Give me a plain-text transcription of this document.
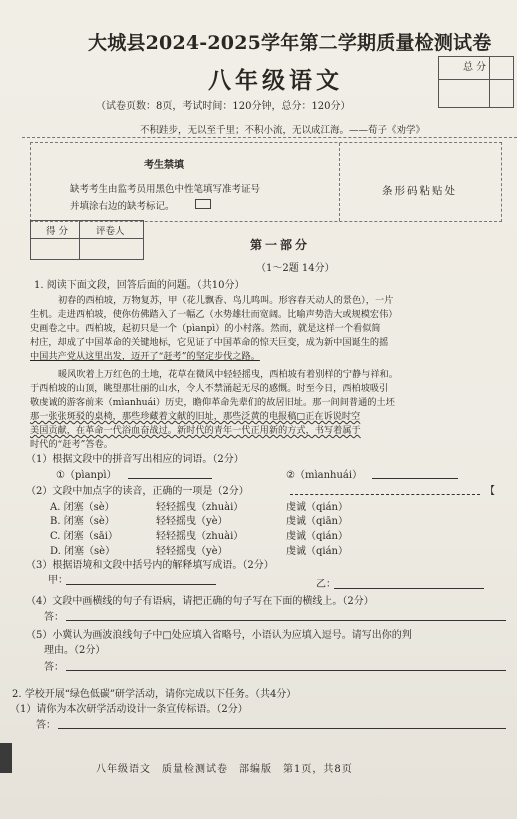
大城县2024-2025学年第二学期质量检测试卷
八年级语文	总分
（试卷页数：8页，考试时间：120分钟，总分：120分）
不积跬步，无以至千里；不积小流，无以成江海。——荀子《劝学》
考生禁填
缺考考生由监考员用黑色中性笔填写准考证号
并填涂右边的缺考标记。
条形码粘贴处
得分	评卷人
第一部分
（1～2题 14分）
1. 阅读下面文段，回答后面的问题。（共10分）
初春的西柏坡，万物复苏，甲（花儿飘香、鸟儿鸣叫。形容春天动人的景色），一片
生机。走进西柏坡，使你仿佛踏入了一幅乙（水势雄壮而宽阔。比喻声势浩大或规模宏伟）
史画卷之中。西柏坡，起初只是一个（pìanpì）的小村落。然而，就是这样一个看似简
村庄，却成了中国革命的关键地标，它见证了中国革命的惊天巨变，成为新中国诞生的摇
中国共产党从这里出发，迈开了“赶考”的坚定步伐之路。
暖风吹着上万红色的土地，花草在微风中轻轻摇曳，西柏坡有着别样的宁静与祥和。
于西柏坡的山顶，眺望那壮丽的山水，令人不禁涌起无尽的感慨。时至今日，西柏坡吸引
敬虔诚的游客前来（mìanhuái）历史，瞻仰革命先辈们的故居旧址。那一间间普通的土坯
那一张张斑驳的桌椅，那些珍藏着文献的旧址，那些泛黄的电报稿□正在诉说时空
美国贡献，在革命一代浴血奋战过。新时代的青年一代正用新的方式，书写着属于
时代的“赶考”答卷。
（1）根据文段中的拼音写出相应的词语。（2分）
①（pìanpì）	②（mìanhuái）
（2）文段中加点字的读音，正确的一项是（2分）	【
A. 闭塞（sè）	轻轻摇曳（zhuài）	虔诚（qián）
B. 闭塞（sè）	轻轻摇曳（yè）	虔诚（qiān）
C. 闭塞（sāi）	轻轻摇曳（zhuài）	虔诚（qián）
D. 闭塞（sè）	轻轻摇曳（yè）	虔诚（qián）
（3）根据语境和文段中括号内的解释填写成语。（2分）
甲：	乙：
（4）文段中画横线的句子有语病，请把正确的句子写在下面的横线上。（2分）
答：
（5）小冀认为画波浪线句子中□处应填入省略号，小语认为应填入逗号。请写出你的判
理由。（2分）
答：
2. 学校开展“绿色低碳”研学活动，请你完成以下任务。（共4分）
（1）请你为本次研学活动设计一条宣传标语。（2分）
答：
八年级语文　质量检测试卷　部编版　第1页，共8页
